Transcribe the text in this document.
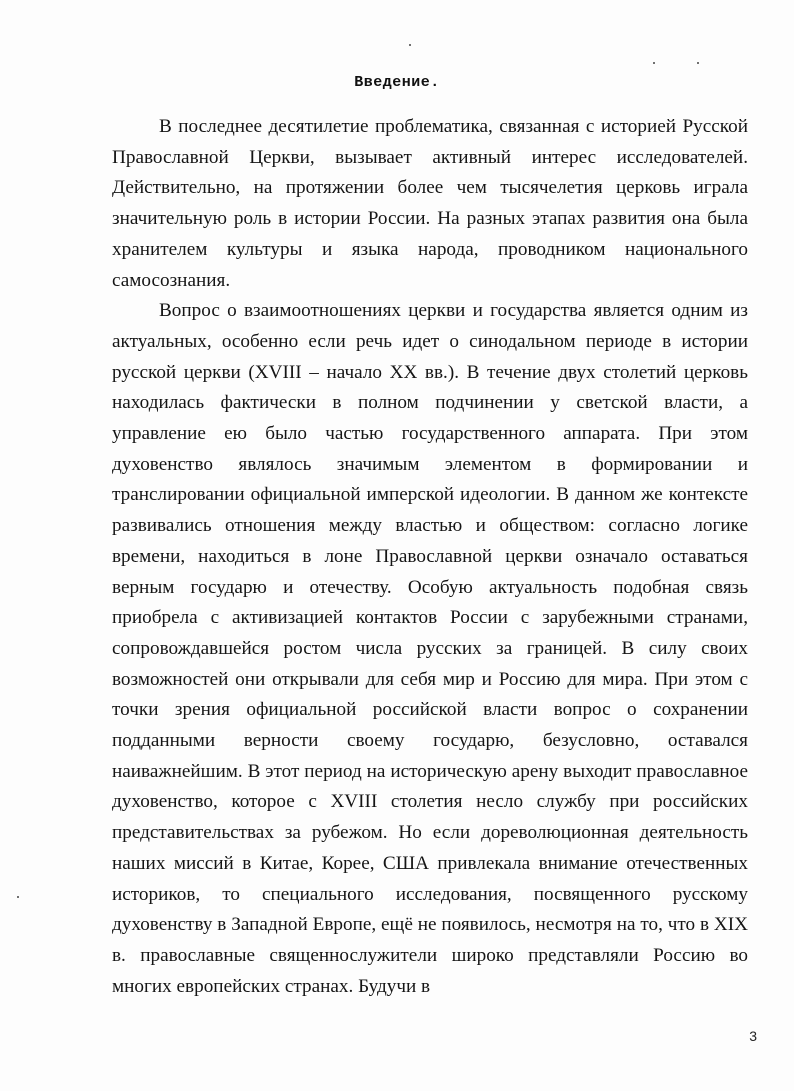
Введение.

В последнее десятилетие проблематика, связанная с историей Русской Православной Церкви, вызывает активный интерес исследователей. Действительно, на протяжении более чем тысячелетия церковь играла значительную роль в истории России. На разных этапах развития она была хранителем культуры и языка народа, проводником национального самосознания.

Вопрос о взаимоотношениях церкви и государства является одним из актуальных, особенно если речь идет о синодальном периоде в истории русской церкви (XVIII – начало XX вв.). В течение двух столетий церковь находилась фактически в полном подчинении у светской власти, а управление ею было частью государственного аппарата. При этом духовенство являлось значимым элементом в формировании и транслировании официальной имперской идеологии. В данном же контексте развивались отношения между властью и обществом: согласно логике времени, находиться в лоне Православной церкви означало оставаться верным государю и отечеству. Особую актуальность подобная связь приобрела с активизацией контактов России с зарубежными странами, сопровождавшейся ростом числа русских за границей. В силу своих возможностей они открывали для себя мир и Россию для мира. При этом с точки зрения официальной российской власти вопрос о сохранении подданными верности своему государю, безусловно, оставался наиважнейшим. В этот период на историческую арену выходит православное духовенство, которое с XVIII столетия несло службу при российских представительствах за рубежом. Но если дореволюционная деятельность наших миссий в Китае, Корее, США привлекала внимание отечественных историков, то специального исследования, посвященного русскому духовенству в Западной Европе, ещё не появилось, несмотря на то, что в XIX в. православные священнослужители широко представляли Россию во многих европейских странах. Будучи в

3
